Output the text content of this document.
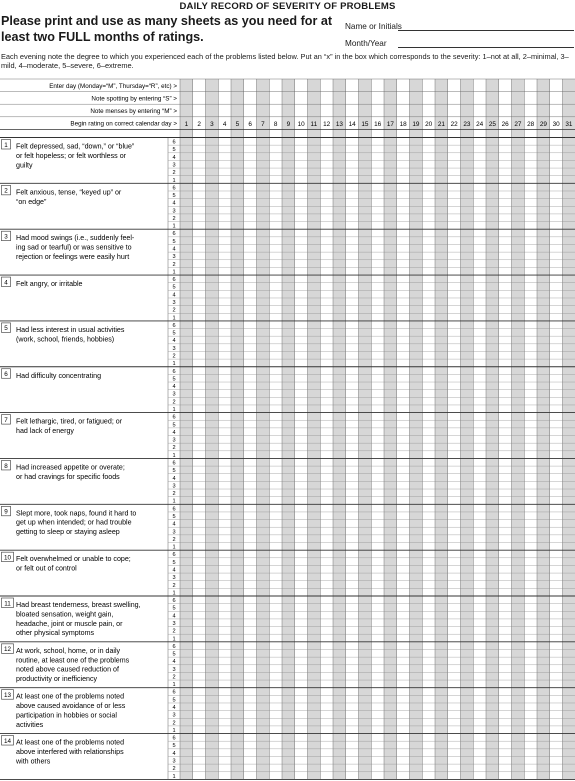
DAILY RECORD OF SEVERITY OF PROBLEMS
Please print and use as many sheets as you need for at least two FULL months of ratings.
Name or Initials
Month/Year
Each evening note the degree to which you experienced each of the problems listed below. Put an “x” in the box which corresponds to the severity: 1–not at all, 2–minimal, 3–mild, 4–moderate, 5–severe, 6–extreme.
Enter day (Monday=“M”, Thursday=“R”, etc) >
Note spotting by entering “S” >
Note menses by entering “M” >
Begin rating on correct calendar day > 1 2 3 4 5 6 7 8 9 10 11 12 13 14 15 16 17 18 19 20 21 22 23 24 25 26 27 28 29 30 31
1 Felt depressed, sad, “down,” or “blue”
or felt hopeless; or felt worthless or
guilty
6
5
4
3
2
1
2 Felt anxious, tense, “keyed up” or
“on edge”
6
5
4
3
2
1
3 Had mood swings (i.e., suddenly feel-
ing sad or tearful) or was sensitive to
rejection or feelings were easily hurt
6
5
4
3
2
1
4 Felt angry, or irritable	6
5
4
3
2
1
5 Had less interest in usual activities
(work, school, friends, hobbies)
6
5
4
3
2
1
6 Had difficulty concentrating	6
5
4
3
2
1
7 Felt lethargic, tired, or fatigued; or
had lack of energy
6
5
4
3
2
1
8 Had increased appetite or overate;
or had cravings for specific foods
6
5
4
3
2
1
9 Slept more, took naps, found it hard to
get up when intended; or had trouble
getting to sleep or staying asleep
6
5
4
3
2
1
10 Felt overwhelmed or unable to cope;
or felt out of control
6
5
4
3
2
1
11 Had breast tenderness, breast swelling,
bloated sensation, weight gain,
headache, joint or muscle pain, or
other physical symptoms
6
5
4
3
2
1
12 At work, school, home, or in daily
routine, at least one of the problems
noted above caused reduction of
productivity or inefficiency
6
5
4
3
2
1
13 At least one of the problems noted
above caused avoidance of or less
participation in hobbies or social
activities
6
5
4
3
2
1
14 At least one of the problems noted
above interfered with relationships
with others
6
5
4
3
2
1
